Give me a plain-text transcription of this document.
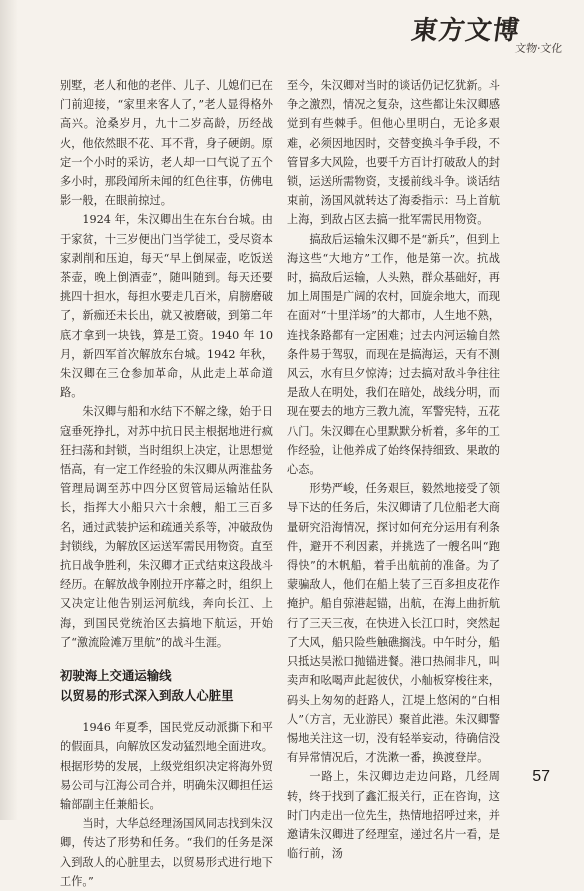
東方文博
文物·文化

别墅，老人和他的老伴、儿子、儿媳们已在门前迎接，“家里来客人了，”老人显得格外高兴。沧桑岁月，九十二岁高龄，历经战火，他依然眼不花、耳不背，身子硬朗。原定一个小时的采访，老人却一口气说了五个多小时，那段闻所未闻的红色往事，仿佛电影一般，在眼前掠过。

1924 年，朱汉卿出生在东台台城。由于家贫，十三岁便出门当学徒工，受尽资本家剥削和压迫，每天“早上倒屎壶，吃饭送茶壶，晚上倒酒壶”，随叫随到。每天还要挑四十担水，每担水要走几百米，肩膀磨破了，新痂还未长出，就又被磨破，到第二年底才拿到一块钱，算是工资。1940 年 10 月，新四军首次解放东台城。1942 年秋，朱汉卿在三仓参加革命，从此走上革命道路。

朱汉卿与船和水结下不解之缘，始于日寇垂死挣扎，对苏中抗日民主根据地进行疯狂扫荡和封锁，当时组织上决定，让思想觉悟高，有一定工作经验的朱汉卿从两淮盐务管理局调至苏中四分区贸管局运输站任队长，指挥大小船只六十余艘，船工三百多名，通过武装护运和疏通关系等，冲破敌伪封锁线，为解放区运送军需民用物资。直至抗日战争胜利，朱汉卿才正式结束这段战斗经历。在解放战争刚拉开序幕之时，组织上又决定让他告别运河航线，奔向长江、上海，到国民党统治区去搞地下航运，开始了“激流险滩万里航”的战斗生涯。

初驶海上交通运输线
以贸易的形式深入到敌人心脏里

1946 年夏季，国民党反动派撕下和平的假面具，向解放区发动猛烈地全面进攻。根据形势的发展，上级党组织决定将海外贸易公司与江海公司合并，明确朱汉卿担任运输部副主任兼船长。

当时，大华总经理汤国风同志找到朱汉卿，传达了形势和任务。“我们的任务是深入到敌人的心脏里去，以贸易形式进行地下工作。”

至今，朱汉卿对当时的谈话仍记忆犹新。斗争之激烈，情况之复杂，这些都让朱汉卿感觉到有些棘手。但他心里明白，无论多艰难，必须因地因时，交替变换斗争手段，不管冒多大风险，也要千方百计打破敌人的封锁，运送所需物资，支援前线斗争。谈话结束前，汤国风就转达了海委指示：马上首航上海，到敌占区去搞一批军需民用物资。

搞敌后运输朱汉卿不是“新兵”，但到上海这些“大地方”工作，他是第一次。抗战时，搞敌后运输，人头熟，群众基础好，再加上周围是广阔的农村，回旋余地大，而现在面对“十里洋场”的大都市，人生地不熟，连找条路都有一定困难；过去内河运输自然条件易于驾驭，而现在是搞海运，天有不测风云，水有旦夕惊涛；过去搞对敌斗争往往是敌人在明处，我们在暗处，战线分明，而现在要去的地方三教九流，军警宪特，五花八门。朱汉卿在心里默默分析着，多年的工作经验，让他养成了始终保持细致、果敢的心态。

形势严峻，任务艰巨，毅然地接受了领导下达的任务后，朱汉卿请了几位船老大商量研究沿海情况，探讨如何充分运用有利条件，避开不利因素，并挑选了一艘名叫“跑得快”的木帆船，着手出航前的准备。为了蒙骗敌人，他们在船上装了三百多担皮花作掩护。船自弶港起锚，出航，在海上曲折航行了三天三夜，在快进入长江口时，突然起了大风，船只险些触礁搁浅。中午时分，船只抵达吴淞口抛锚进餐。港口热闹非凡，叫卖声和吆喝声此起彼伏，小舢板穿梭往来，码头上匆匆的赶路人，江堤上悠闲的“白相人”（方言，无业游民）聚首此港。朱汉卿警惕地关注这一切，没有轻举妄动，待确信没有异常情况后，才洗漱一番，换渡登岸。

一路上，朱汉卿边走边问路，几经周转，终于找到了鑫汇报关行，正在咨询，这时门内走出一位先生，热情地招呼过来，并邀请朱汉卿进了经理室，递过名片一看，是临行前，汤

57
